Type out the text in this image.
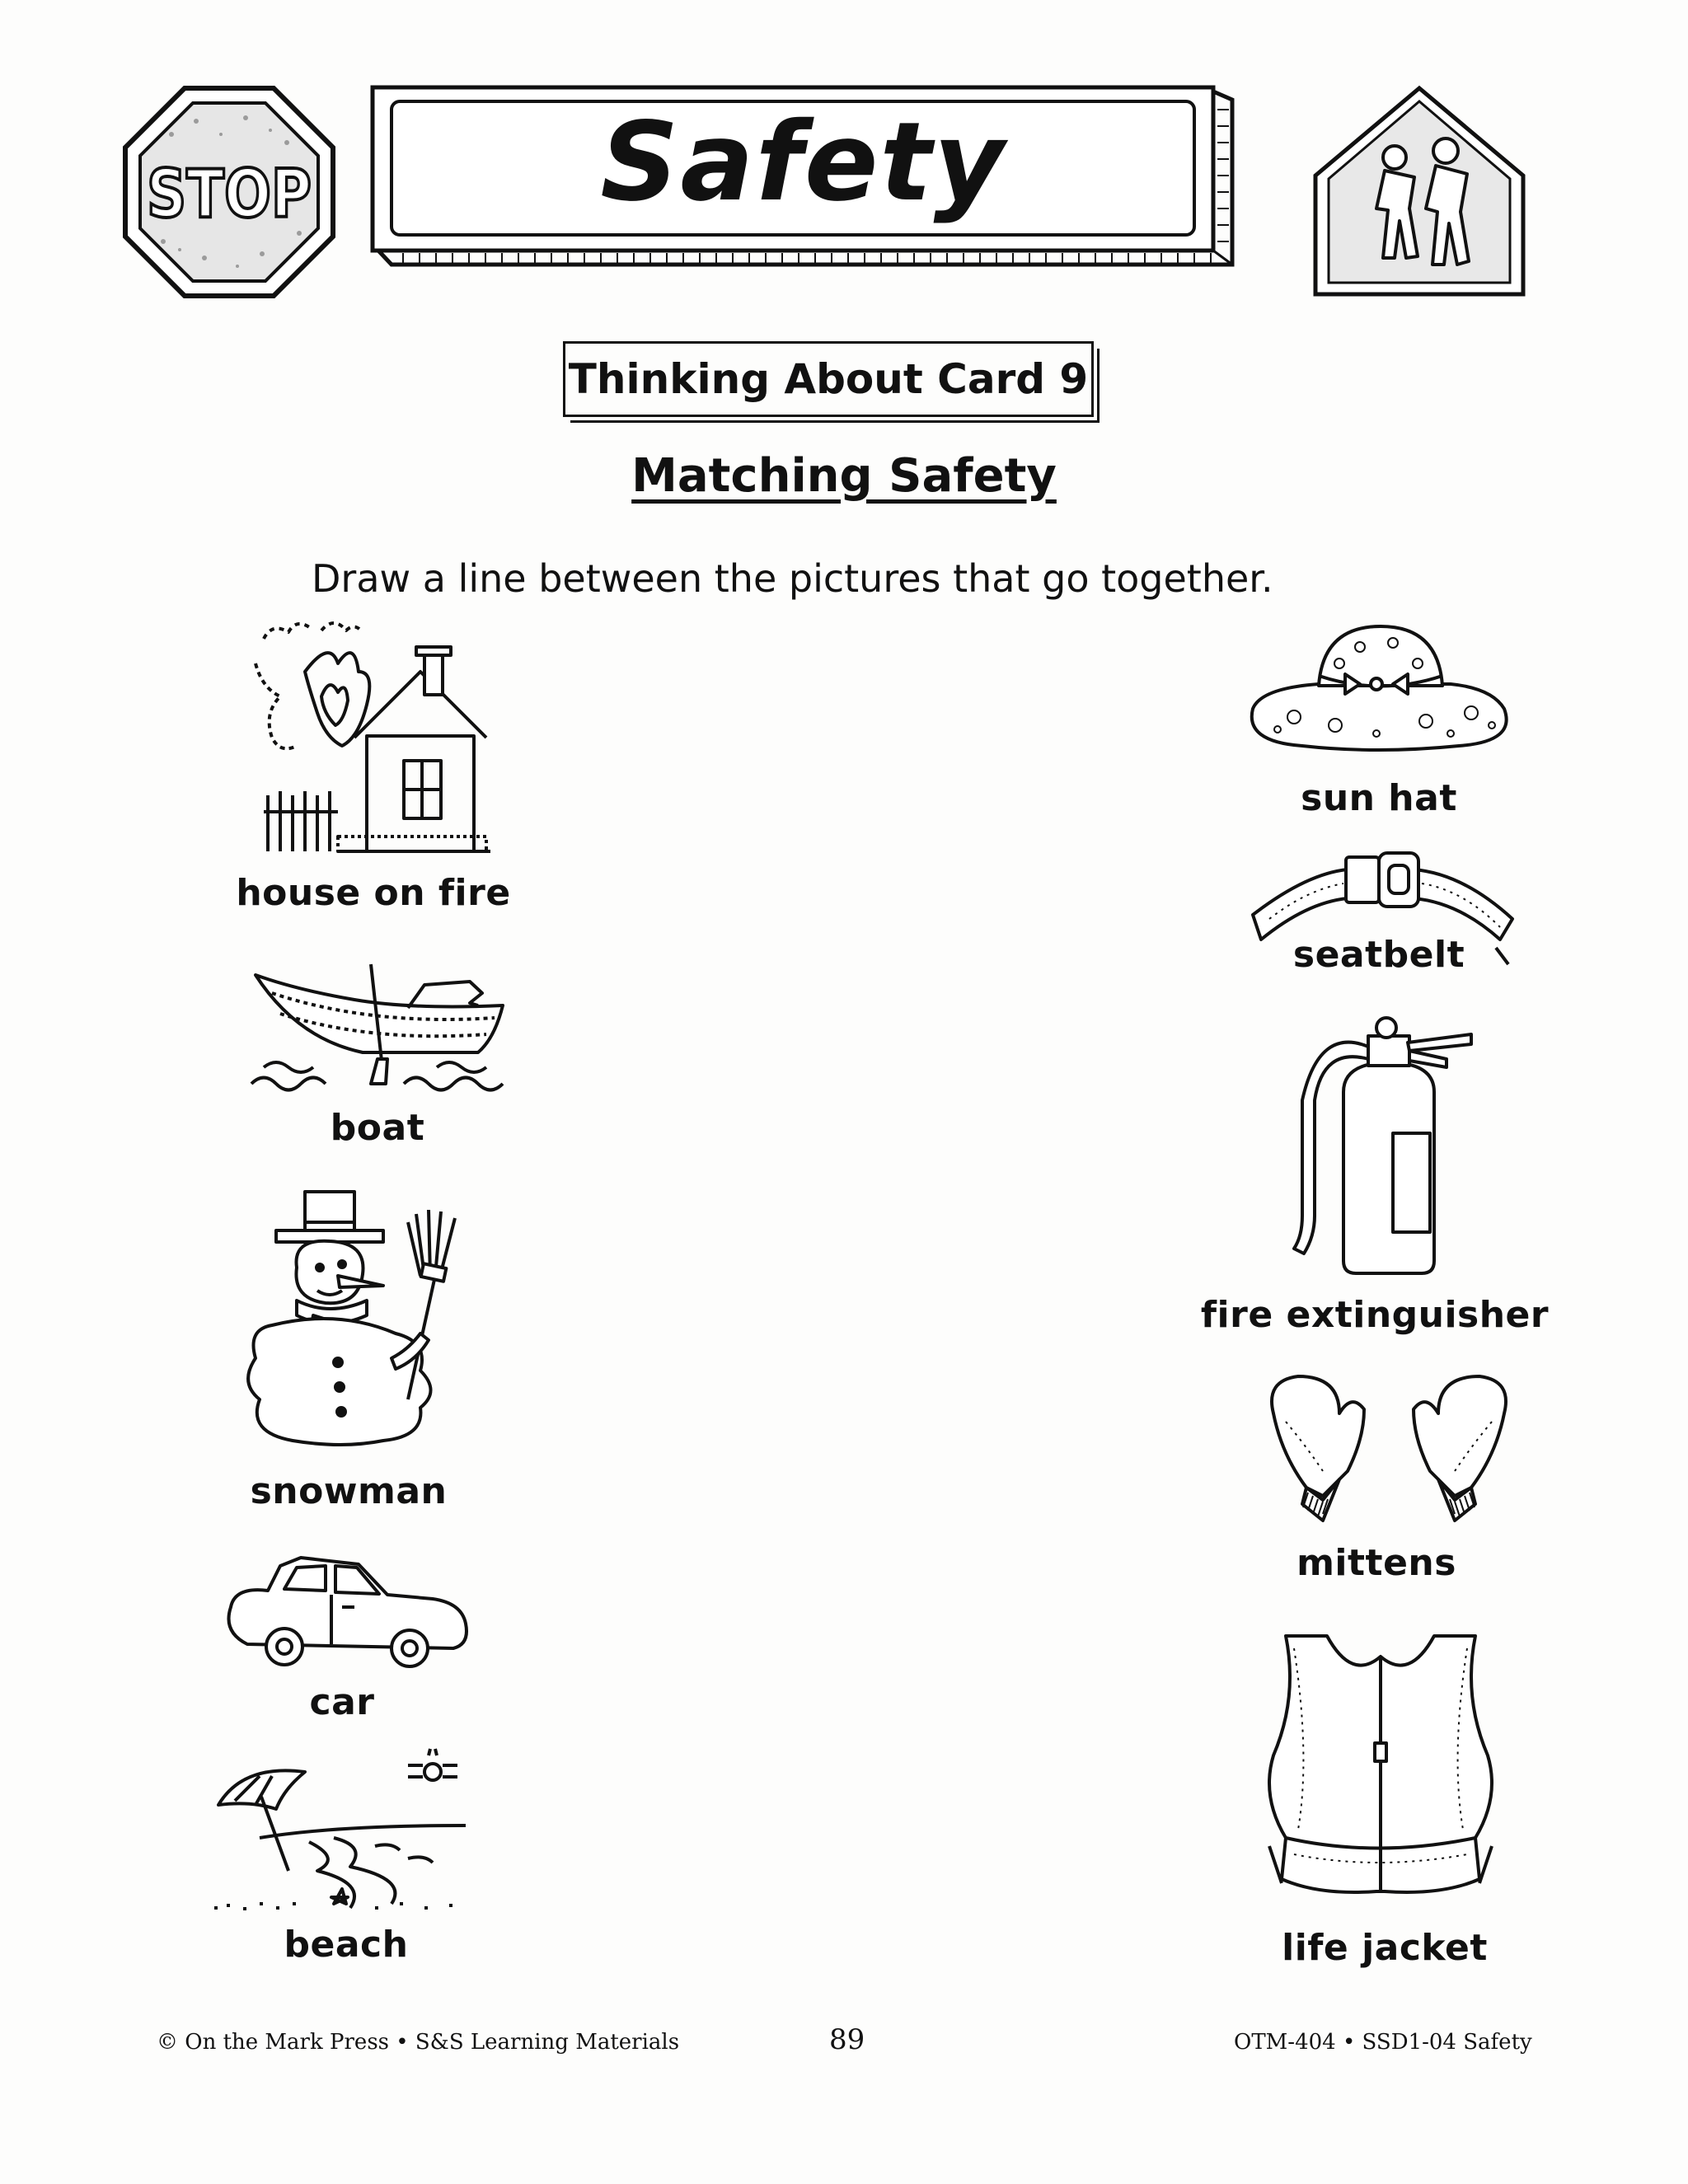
STOP	Safety
Thinking About Card 9
Matching Safety
Draw a line between the pictures that go together.
house on fire
boat
snowman
car
beach
sun hat
seatbelt
fire extinguisher
mittens
life jacket
© On the Mark Press • S&S Learning Materials	89	OTM-404 • SSD1-04 Safety
